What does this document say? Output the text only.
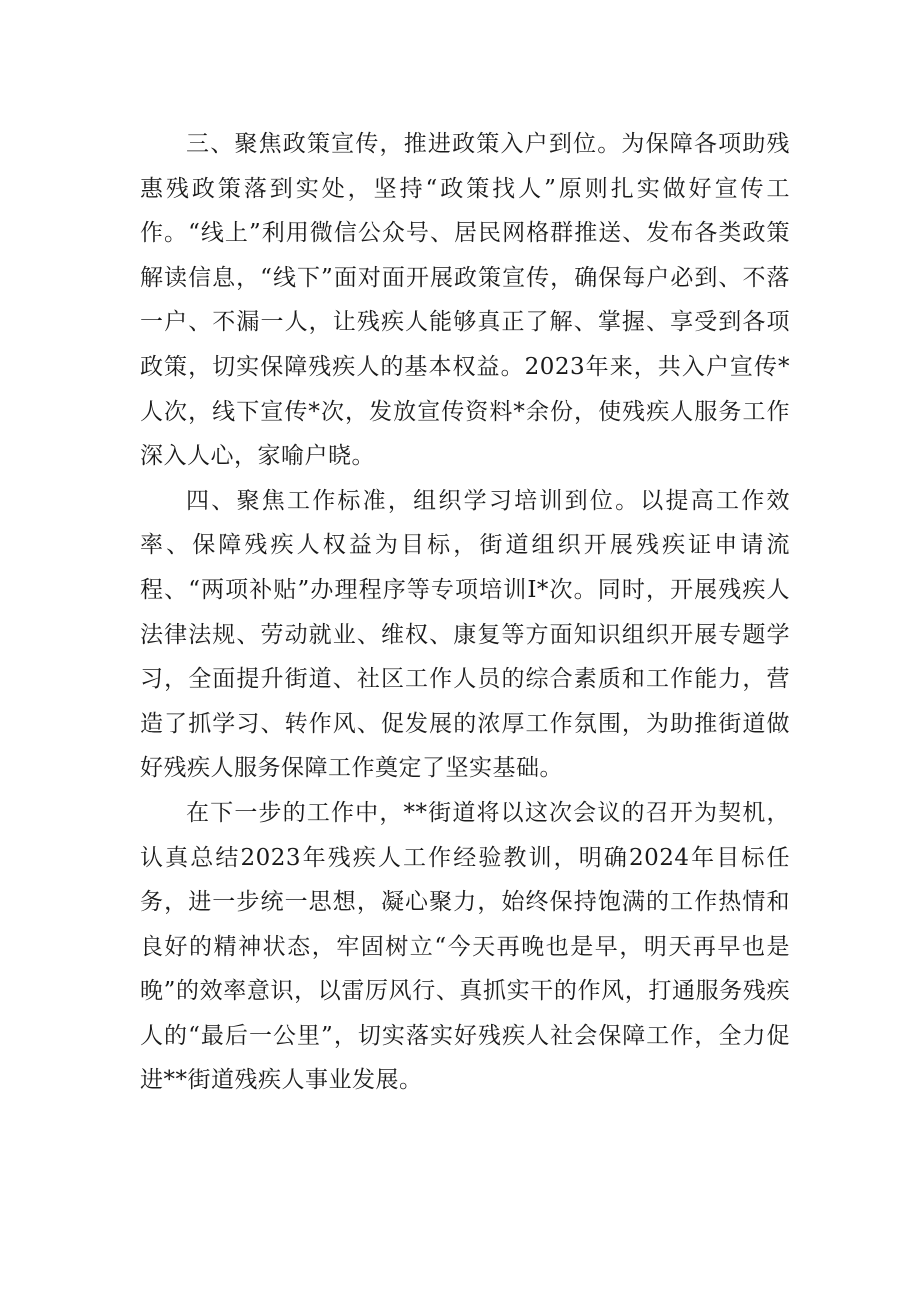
三、聚焦政策宣传，推进政策入户到位。为保障各项助残惠残政策落到实处，坚持“政策找人”原则扎实做好宣传工作。“线上”利用微信公众号、居民网格群推送、发布各类政策解读信息，“线下”面对面开展政策宣传，确保每户必到、不落一户、不漏一人，让残疾人能够真正了解、掌握、享受到各项政策，切实保障残疾人的基本权益。2023年来，共入户宣传*人次，线下宣传*次，发放宣传资料*余份，使残疾人服务工作深入人心，家喻户晓。

四、聚焦工作标准，组织学习培训到位。以提高工作效率、保障残疾人权益为目标，街道组织开展残疾证申请流程、“两项补贴”办理程序等专项培训I*次。同时，开展残疾人法律法规、劳动就业、维权、康复等方面知识组织开展专题学习，全面提升街道、社区工作人员的综合素质和工作能力，营造了抓学习、转作风、促发展的浓厚工作氛围，为助推街道做好残疾人服务保障工作奠定了坚实基础。

在下一步的工作中，**街道将以这次会议的召开为契机，认真总结2023年残疾人工作经验教训，明确2024年目标任务，进一步统一思想，凝心聚力，始终保持饱满的工作热情和良好的精神状态，牢固树立“今天再晚也是早，明天再早也是晚”的效率意识，以雷厉风行、真抓实干的作风，打通服务残疾人的“最后一公里”，切实落实好残疾人社会保障工作，全力促进**街道残疾人事业发展。
